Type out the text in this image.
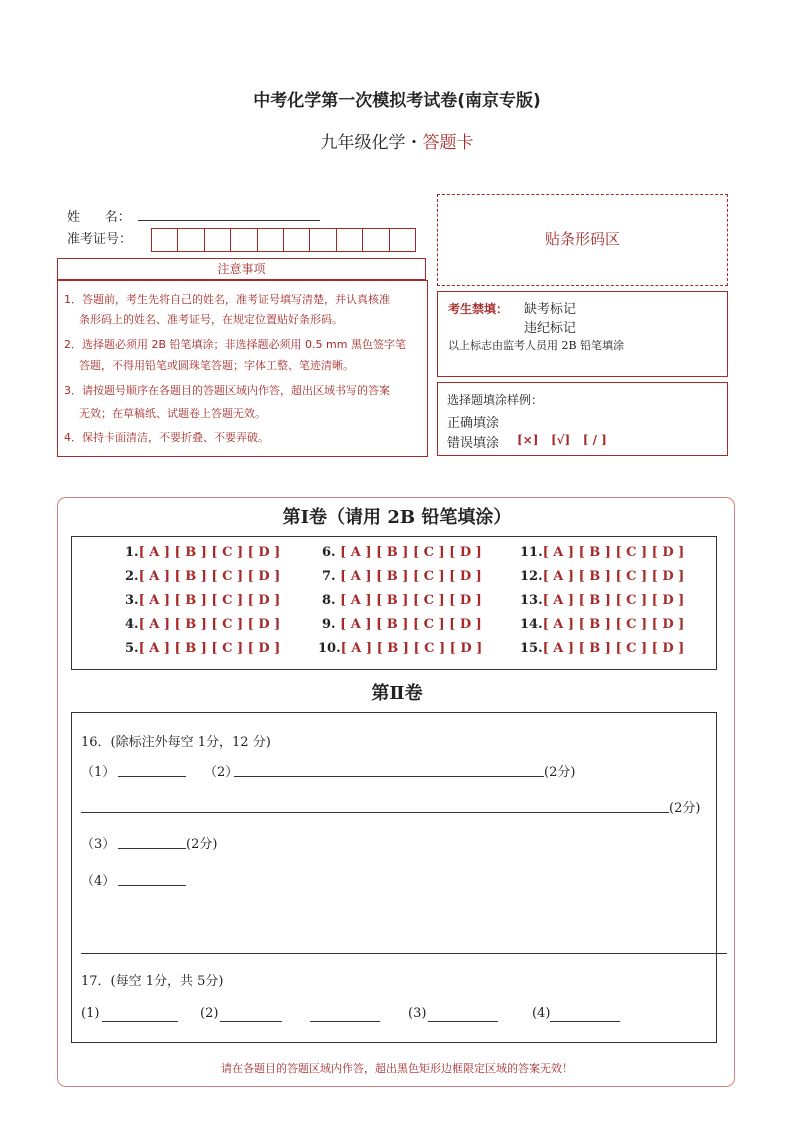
中考化学第一次模拟考试卷(南京专版)
九年级化学・答题卡
姓      名：
准考证号：
注意事项
1．答题前，考生先将自己的姓名，准考证号填写清楚，并认真核准
条形码上的姓名、准考证号，在规定位置贴好条形码。
2．选择题必须用 2B 铅笔填涂；非选择题必须用 0.5 mm 黑色签字笔
答题，不得用铅笔或圆珠笔答题；字体工整、笔迹清晰。
3．请按题号顺序在各题目的答题区域内作答，超出区域书写的答案
无效；在草稿纸、试题卷上答题无效。
4．保持卡面清洁，不要折叠、不要弄破。
贴条形码区
考生禁填： 缺考标记
违纪标记
以上标志由监考人员用 2B 铅笔填涂
选择题填涂样例：
正确填涂
错误填涂 [×]   [√]   [ / ]
第Ⅰ卷（请用 2B 铅笔填涂）
1.[ A ] [ B ] [ C ] [ D ]
2.[ A ] [ B ] [ C ] [ D ]
3.[ A ] [ B ] [ C ] [ D ]
4.[ A ] [ B ] [ C ] [ D ]
5.[ A ] [ B ] [ C ] [ D ]
6. [ A ] [ B ] [ C ] [ D ]
7. [ A ] [ B ] [ C ] [ D ]
8. [ A ] [ B ] [ C ] [ D ]
9. [ A ] [ B ] [ C ] [ D ]
10.[ A ] [ B ] [ C ] [ D ]
11.[ A ] [ B ] [ C ] [ D ]
12.[ A ] [ B ] [ C ] [ D ]
13.[ A ] [ B ] [ C ] [ D ]
14.[ A ] [ B ] [ C ] [ D ]
15.[ A ] [ B ] [ C ] [ D ]
第Ⅱ卷
16．(除标注外每空 1分，12 分)
（1）	（2）	(2分)
(2分)
（3）	(2分)
（4）
17．(每空 1分，共 5分)
(1)	(2)	(3)	(4)
请在各题目的答题区域内作答，超出黑色矩形边框限定区域的答案无效！
